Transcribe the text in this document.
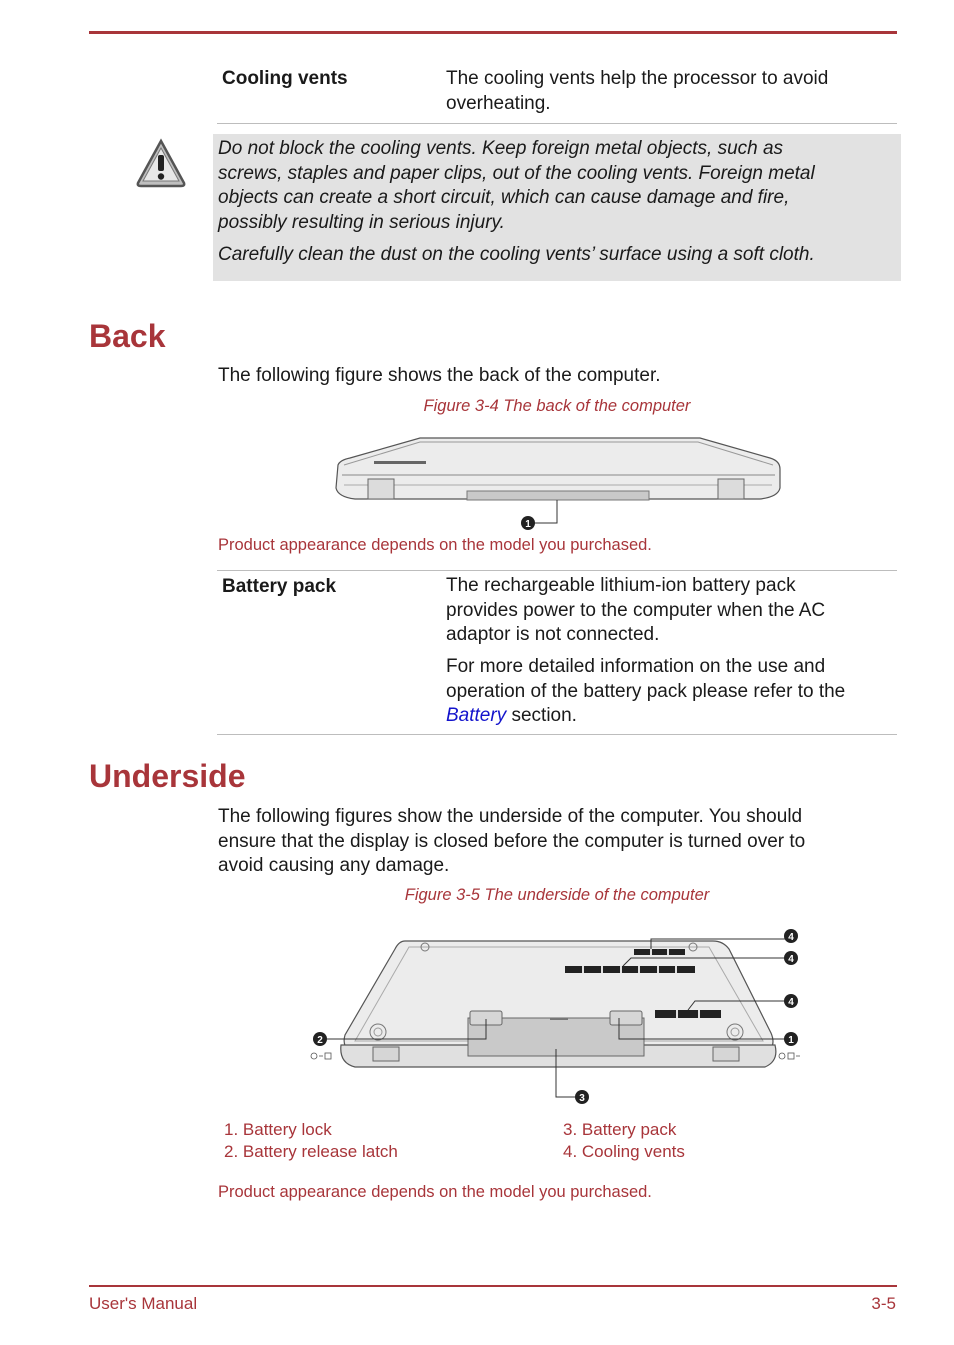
Cooling vents	The cooling vents help the processor to avoid
overheating.
Do not block the cooling vents. Keep foreign metal objects, such as
screws, staples and paper clips, out of the cooling vents. Foreign metal
objects can create a short circuit, which can cause damage and fire,
possibly resulting in serious injury.
Carefully clean the dust on the cooling vents’ surface using a soft cloth.
Back
The following figure shows the back of the computer.
Figure 3-4 The back of the computer
1
Product appearance depends on the model you purchased.
Battery pack	The rechargeable lithium-ion battery pack
provides power to the computer when the AC
adaptor is not connected.
For more detailed information on the use and
operation of the battery pack please refer to the
Battery section.
Underside
The following figures show the underside of the computer. You should
ensure that the display is closed before the computer is turned over to
avoid causing any damage.
Figure 3-5 The underside of the computer
4
4
4
1
2
3
1. Battery lock
2. Battery release latch
3. Battery pack
4. Cooling vents
Product appearance depends on the model you purchased.
User's Manual	3-5
